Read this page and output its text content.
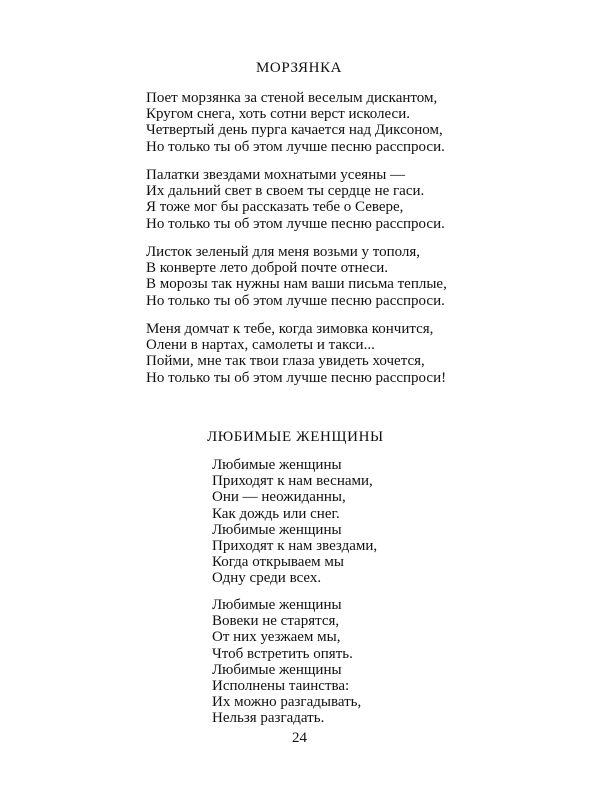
МОРЗЯНКА
Поет морзянка за стеной веселым дискантом,
Кругом снега, хоть сотни верст исколеси.
Четвертый день пурга качается над Диксоном,
Но только ты об этом лучше песню расспроси.
Палатки звездами мохнатыми усеяны —
Их дальний свет в своем ты сердце не гаси.
Я тоже мог бы рассказать тебе о Севере,
Но только ты об этом лучше песню расспроси.
Листок зеленый для меня возьми у тополя,
В конверте лето доброй почте отнеси.
В морозы так нужны нам ваши письма теплые,
Но только ты об этом лучше песню расспроси.
Меня домчат к тебе, когда зимовка кончится,
Олени в нартах, самолеты и такси...
Пойми, мне так твои глаза увидеть хочется,
Но только ты об этом лучше песню расспроси!
ЛЮБИМЫЕ ЖЕНЩИНЫ
Любимые женщины
Приходят к нам веснами,
Они — неожиданны,
Как дождь или снег.
Любимые женщины
Приходят к нам звездами,
Когда открываем мы
Одну среди всех.
Любимые женщины
Вовеки не старятся,
От них уезжаем мы,
Чтоб встретить опять.
Любимые женщины
Исполнены таинства:
Их можно разгадывать,
Нельзя разгадать.
24
